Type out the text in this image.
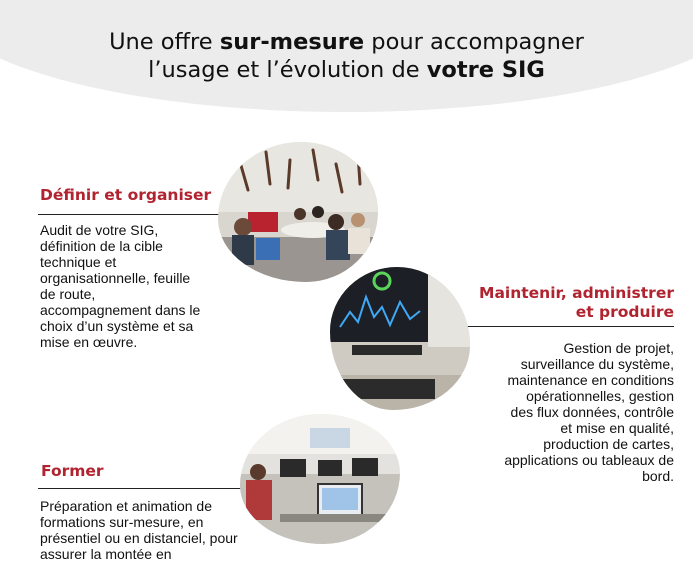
Une offre sur-mesure pour accompagner
l’usage et l’évolution de votre SIG
Définir et organiser
Audit de votre SIG,
définition de la cible
technique et
organisationnelle, feuille
de route,
accompagnement dans le
choix d’un système et sa
mise en œuvre.
Maintenir, administrer
et produire
Gestion de projet,
surveillance du système,
maintenance en conditions
opérationnelles, gestion
des flux données, contrôle
et mise en qualité,
production de cartes,
applications ou tableaux de
bord.
Former
Préparation et animation de
formations sur-mesure, en
présentiel ou en distanciel, pour
assurer la montée en
